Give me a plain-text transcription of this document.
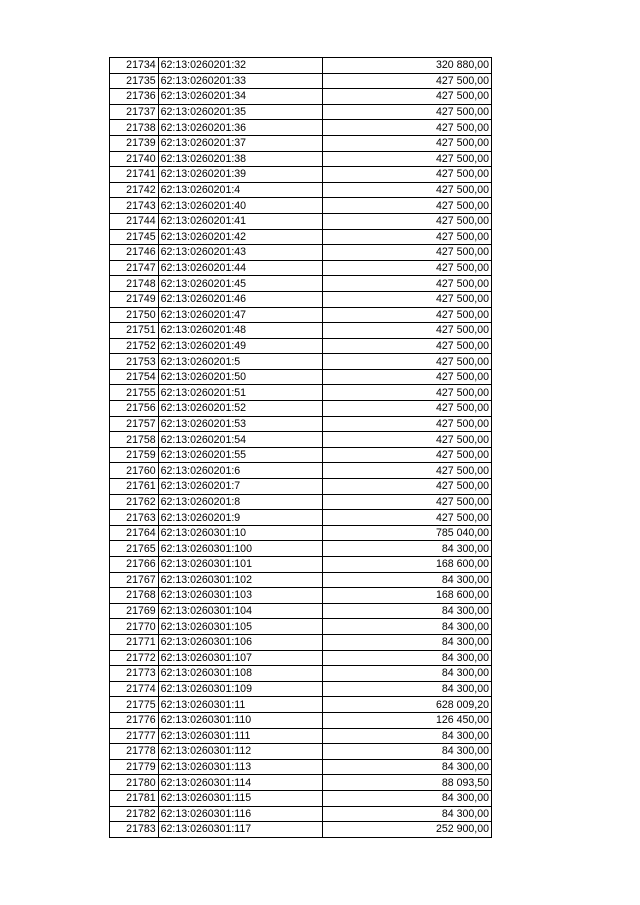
21734	62:13:0260201:32	320 880,00
21735	62:13:0260201:33	427 500,00
21736	62:13:0260201:34	427 500,00
21737	62:13:0260201:35	427 500,00
21738	62:13:0260201:36	427 500,00
21739	62:13:0260201:37	427 500,00
21740	62:13:0260201:38	427 500,00
21741	62:13:0260201:39	427 500,00
21742	62:13:0260201:4	427 500,00
21743	62:13:0260201:40	427 500,00
21744	62:13:0260201:41	427 500,00
21745	62:13:0260201:42	427 500,00
21746	62:13:0260201:43	427 500,00
21747	62:13:0260201:44	427 500,00
21748	62:13:0260201:45	427 500,00
21749	62:13:0260201:46	427 500,00
21750	62:13:0260201:47	427 500,00
21751	62:13:0260201:48	427 500,00
21752	62:13:0260201:49	427 500,00
21753	62:13:0260201:5	427 500,00
21754	62:13:0260201:50	427 500,00
21755	62:13:0260201:51	427 500,00
21756	62:13:0260201:52	427 500,00
21757	62:13:0260201:53	427 500,00
21758	62:13:0260201:54	427 500,00
21759	62:13:0260201:55	427 500,00
21760	62:13:0260201:6	427 500,00
21761	62:13:0260201:7	427 500,00
21762	62:13:0260201:8	427 500,00
21763	62:13:0260201:9	427 500,00
21764	62:13:0260301:10	785 040,00
21765	62:13:0260301:100	84 300,00
21766	62:13:0260301:101	168 600,00
21767	62:13:0260301:102	84 300,00
21768	62:13:0260301:103	168 600,00
21769	62:13:0260301:104	84 300,00
21770	62:13:0260301:105	84 300,00
21771	62:13:0260301:106	84 300,00
21772	62:13:0260301:107	84 300,00
21773	62:13:0260301:108	84 300,00
21774	62:13:0260301:109	84 300,00
21775	62:13:0260301:11	628 009,20
21776	62:13:0260301:110	126 450,00
21777	62:13:0260301:111	84 300,00
21778	62:13:0260301:112	84 300,00
21779	62:13:0260301:113	84 300,00
21780	62:13:0260301:114	88 093,50
21781	62:13:0260301:115	84 300,00
21782	62:13:0260301:116	84 300,00
21783	62:13:0260301:117	252 900,00
